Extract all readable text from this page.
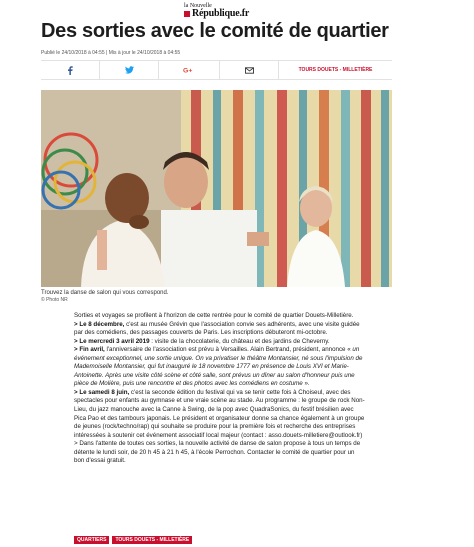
la Nouvelle
République.fr
Des sorties avec le comité de quartier
Publié le 24/10/2018 à 04:55 | Mis à jour le 24/10/2018 à 04:55
G+	TOURS DOUETS - MILLETIÈRE
Trouvez la danse de salon qui vous correspond.
© Photo NR

Sorties et voyages se profilent à l'horizon de cette rentrée pour le comité de quartier Douets-Milletière.

> Le 8 décembre, c'est au musée Grévin que l'association convie ses adhérents, avec une visite guidée par des comédiens, des passages couverts de Paris. Les inscriptions débuteront mi-octobre.

> Le mercredi 3 avril 2019 : visite de la chocolaterie, du château et des jardins de Cheverny.

> Fin avril, l'anniversaire de l'association est prévu à Versailles. Alain Bertrand, président, annonce « un événement exceptionnel, une sortie unique. On va privatiser le théâtre Montansier, né sous l'impulsion de Mademoiselle Montansier, qui fut inauguré le 18 novembre 1777 en présence de Louis XVI et Marie-Antoinette. Après une visite côté scène et côté salle, sont prévus un dîner au salon d'honneur puis une pièce de Molière, puis une rencontre et des photos avec les comédiens en costume ».

> Le samedi 8 juin, c'est la seconde édition du festival qui va se tenir cette fois à Choiseul, avec des spectacles pour enfants au gymnase et une vraie scène au stade. Au programme : le groupe de rock Non-Lieu, du jazz manouche avec la Canne à Swing, de la pop avec QuadraSonics, du festif brésilien avec Pica Pao et des tambours japonais. Le président et organisateur donne sa chance également à un groupe de jeunes (rock/techno/rap) qui souhaite se produire pour la première fois et recherche des entreprises intéressées à soutenir cet événement associatif local majeur (contact : asso.douets-milletiere@outlook.fr)

> Dans l'attente de toutes ces sorties, la nouvelle activité de danse de salon propose à tous un temps de détente le lundi soir, de 20 h 45 à 21 h 45, à l'école Perrochon. Contacter le comité de quartier pour un bon d'essai gratuit.

QUARTIERS	TOURS DOUETS - MILLETIÈRE
